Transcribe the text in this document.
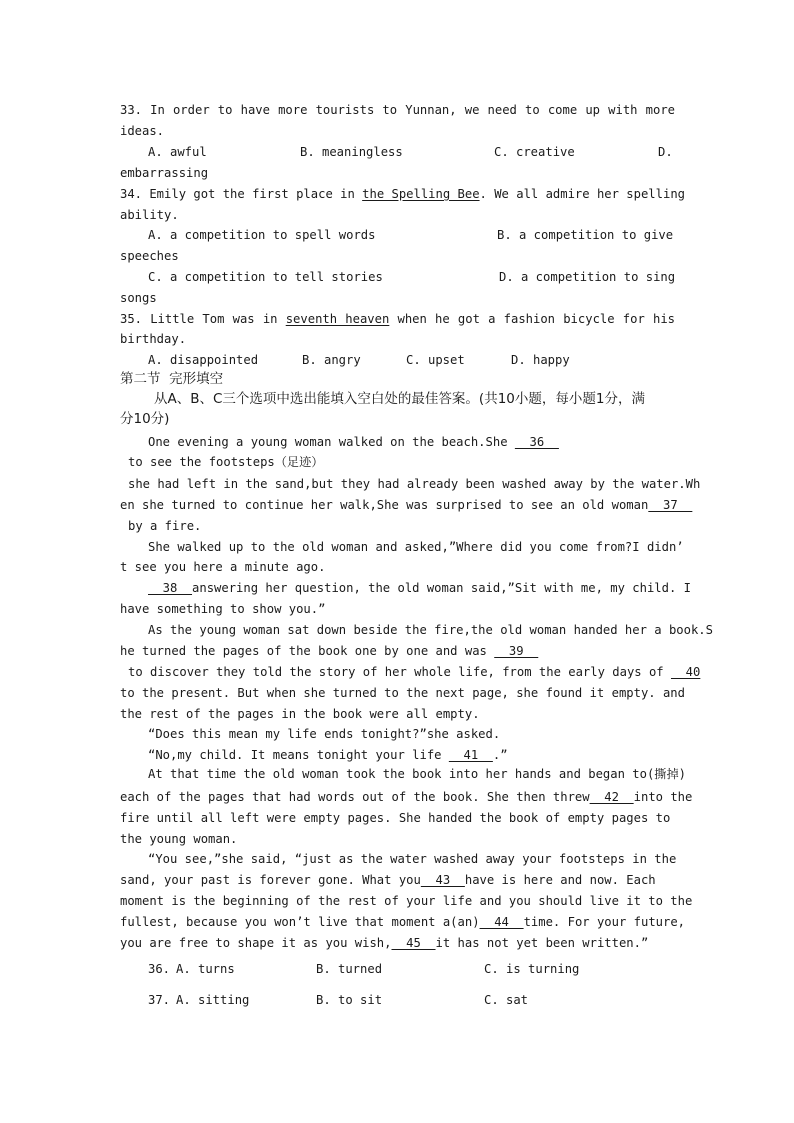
33. In order to have more tourists to Yunnan, we need to come up with more
ideas.
A. awful	B. meaningless	C. creative	D.
embarrassing
34. Emily got the first place in the Spelling Bee. We all admire her spelling
ability.
A. a competition to spell words	B. a competition to give
speeches
C. a competition to tell stories	D. a competition to sing
songs
35. Little Tom was in seventh heaven when he got a fashion bicycle for his
birthday.
A. disappointed	B. angry	C. upset	D. happy
第二节  完形填空
从A、B、C三个选项中选出能填入空白处的最佳答案。(共10小题，每小题1分，满
分10分)
One evening a young woman walked on the beach.She   36
to see the footsteps（足迹）
she had left in the sand,but they had already been washed away by the water.Wh
en she turned to continue her walk,She was surprised to see an old woman  37
by a fire.
She walked up to the old woman and asked,”Where did you come from?I didn’
t see you here a minute ago.
38  answering her question, the old woman said,”Sit with me, my child. I
have something to show you.”
As the young woman sat down beside the fire,the old woman handed her a book.S
he turned the pages of the book one by one and was   39
to discover they told the story of her whole life, from the early days of   40
to the present. But when she turned to the next page, she found it empty. and
the rest of the pages in the book were all empty.
“Does this mean my life ends tonight?”she asked.
“No,my child. It means tonight your life   41  .”
At that time the old woman took the book into her hands and began to(撕掉)
each of the pages that had words out of the book. She then threw  42  into the
fire until all left were empty pages. She handed the book of empty pages to
the young woman.
“You see,”she said, “just as the water washed away your footsteps in the
sand, your past is forever gone. What you  43  have is here and now. Each
moment is the beginning of the rest of your life and you should live it to the
fullest, because you won’t live that moment a(an)  44  time. For your future,
you are free to shape it as you wish,  45  it has not yet been written.”
36. A. turns	B. turned	C. is turning
37. A. sitting	B. to sit	C. sat
